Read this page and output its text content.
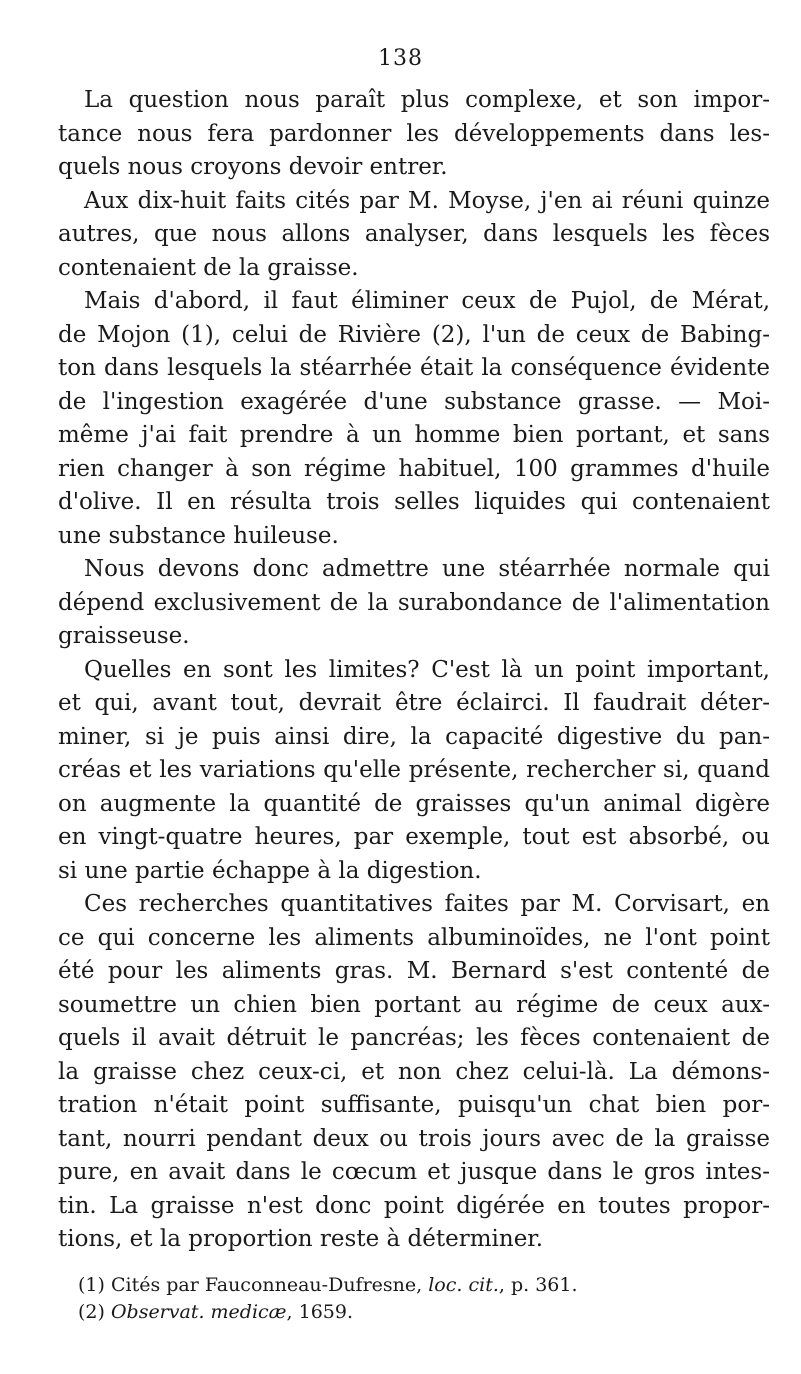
138
La question nous paraît plus complexe, et son impor-
tance nous fera pardonner les développements dans les-
quels nous croyons devoir entrer.
Aux dix-huit faits cités par M. Moyse, j'en ai réuni quinze
autres, que nous allons analyser, dans lesquels les fèces
contenaient de la graisse.
Mais d'abord, il faut éliminer ceux de Pujol, de Mérat,
de Mojon (1), celui de Rivière (2), l'un de ceux de Babing-
ton dans lesquels la stéarrhée était la conséquence évidente
de l'ingestion exagérée d'une substance grasse. — Moi-
même j'ai fait prendre à un homme bien portant, et sans
rien changer à son régime habituel, 100 grammes d'huile
d'olive. Il en résulta trois selles liquides qui contenaient
une substance huileuse.
Nous devons donc admettre une stéarrhée normale qui
dépend exclusivement de la surabondance de l'alimentation
graisseuse.
Quelles en sont les limites? C'est là un point important,
et qui, avant tout, devrait être éclairci. Il faudrait déter-
miner, si je puis ainsi dire, la capacité digestive du pan-
créas et les variations qu'elle présente, rechercher si, quand
on augmente la quantité de graisses qu'un animal digère
en vingt-quatre heures, par exemple, tout est absorbé, ou
si une partie échappe à la digestion.
Ces recherches quantitatives faites par M. Corvisart, en
ce qui concerne les aliments albuminoïdes, ne l'ont point
été pour les aliments gras. M. Bernard s'est contenté de
soumettre un chien bien portant au régime de ceux aux-
quels il avait détruit le pancréas; les fèces contenaient de
la graisse chez ceux-ci, et non chez celui-là. La démons-
tration n'était point suffisante, puisqu'un chat bien por-
tant, nourri pendant deux ou trois jours avec de la graisse
pure, en avait dans le cœcum et jusque dans le gros intes-
tin. La graisse n'est donc point digérée en toutes propor-
tions, et la proportion reste à déterminer.
(1) Cités par Fauconneau-Dufresne, loc. cit., p. 361.
(2) Observat. medicæ, 1659.
